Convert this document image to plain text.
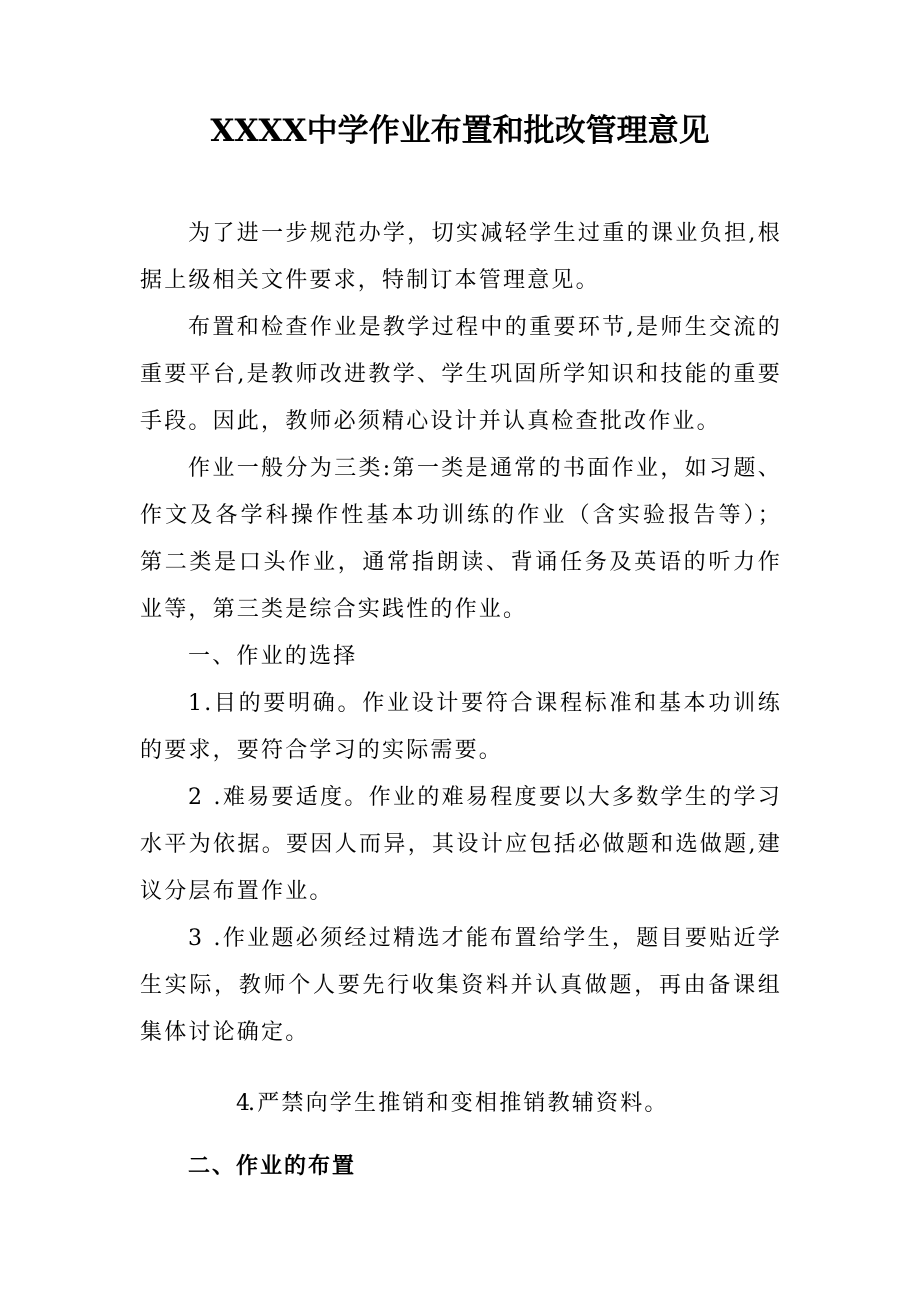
XXXX中学作业布置和批改管理意见

为了进一步规范办学，切实减轻学生过重的课业负担,根据上级相关文件要求，特制订本管理意见。

布置和检查作业是教学过程中的重要环节,是师生交流的重要平台,是教师改进教学、学生巩固所学知识和技能的重要手段。因此，教师必须精心设计并认真检查批改作业。

作业一般分为三类:第一类是通常的书面作业，如习题、作文及各学科操作性基本功训练的作业（含实验报告等）；第二类是口头作业，通常指朗读、背诵任务及英语的听力作业等，第三类是综合实践性的作业。

一、作业的选择

1.目的要明确。作业设计要符合课程标准和基本功训练的要求，要符合学习的实际需要。

2 .难易要适度。作业的难易程度要以大多数学生的学习水平为依据。要因人而异，其设计应包括必做题和选做题,建议分层布置作业。

3 .作业题必须经过精选才能布置给学生，题目要贴近学生实际，教师个人要先行收集资料并认真做题，再由备课组集体讨论确定。

4.严禁向学生推销和变相推销教辅资料。

二、作业的布置
